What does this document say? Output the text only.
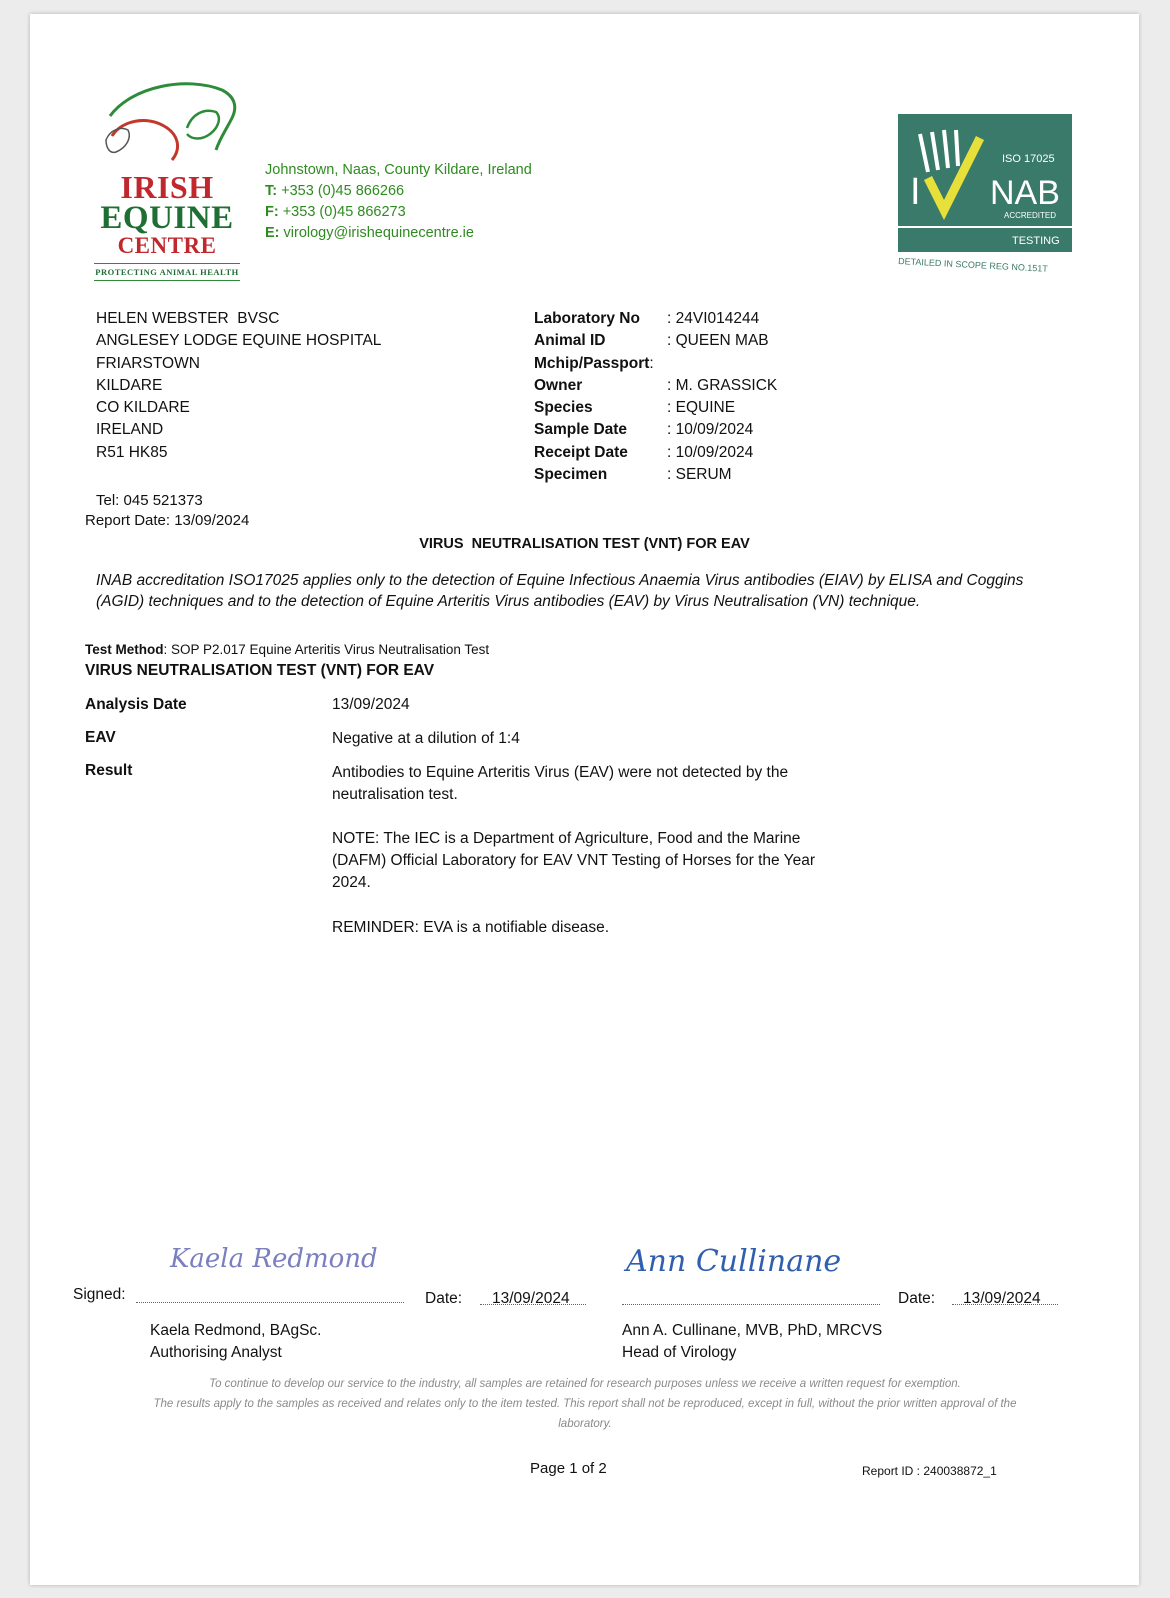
IRISH
EQUINE
CENTRE
PROTECTING ANIMAL HEALTH
Johnstown, Naas, County Kildare, Ireland
T: +353 (0)45 866266
F: +353 (0)45 866273
E: virology@irishequinecentre.ie
ISO 17025
I NAB
ACCREDITED
TESTING
DETAILED IN SCOPE REG NO.151T
HELEN WEBSTER  BVSC
ANGLESEY LODGE EQUINE HOSPITAL
FRIARSTOWN
KILDARE
CO KILDARE
IRELAND
R51 HK85
Tel: 045 521373
Report Date: 13/09/2024
Laboratory No	: 24VI014244
Animal ID	: QUEEN MAB
Mchip/Passport :
Owner	: M. GRASSICK
Species	: EQUINE
Sample Date	: 10/09/2024
Receipt Date	: 10/09/2024
Specimen	: SERUM
VIRUS  NEUTRALISATION TEST (VNT) FOR EAV
INAB accreditation ISO17025 applies only to the detection of Equine Infectious Anaemia Virus antibodies (EIAV) by ELISA and Coggins (AGID) techniques and to the detection of Equine Arteritis Virus antibodies (EAV) by Virus Neutralisation (VN) technique.
Test Method: SOP P2.017 Equine Arteritis Virus Neutralisation Test
VIRUS NEUTRALISATION TEST (VNT) FOR EAV
Analysis Date	13/09/2024
EAV	Negative at a dilution of 1:4
Result	Antibodies to Equine Arteritis Virus (EAV) were not detected by the neutralisation test.
NOTE: The IEC is a Department of Agriculture, Food and the Marine (DAFM) Official Laboratory for EAV VNT Testing of Horses for the Year 2024.
REMINDER: EVA is a notifiable disease.
Signed:
Kaela Redmond
Date: 13/09/2024
Kaela Redmond, BAgSc.
Authorising Analyst
Ann Cullinane
Date: 13/09/2024
Ann A. Cullinane, MVB, PhD, MRCVS
Head of Virology
To continue to develop our service to the industry, all samples are retained for research purposes unless we receive a written request for exemption.
The results apply to the samples as received and relates only to the item tested. This report shall not be reproduced, except in full, without the prior written approval of the laboratory.
Page 1 of 2	Report ID : 240038872_1
